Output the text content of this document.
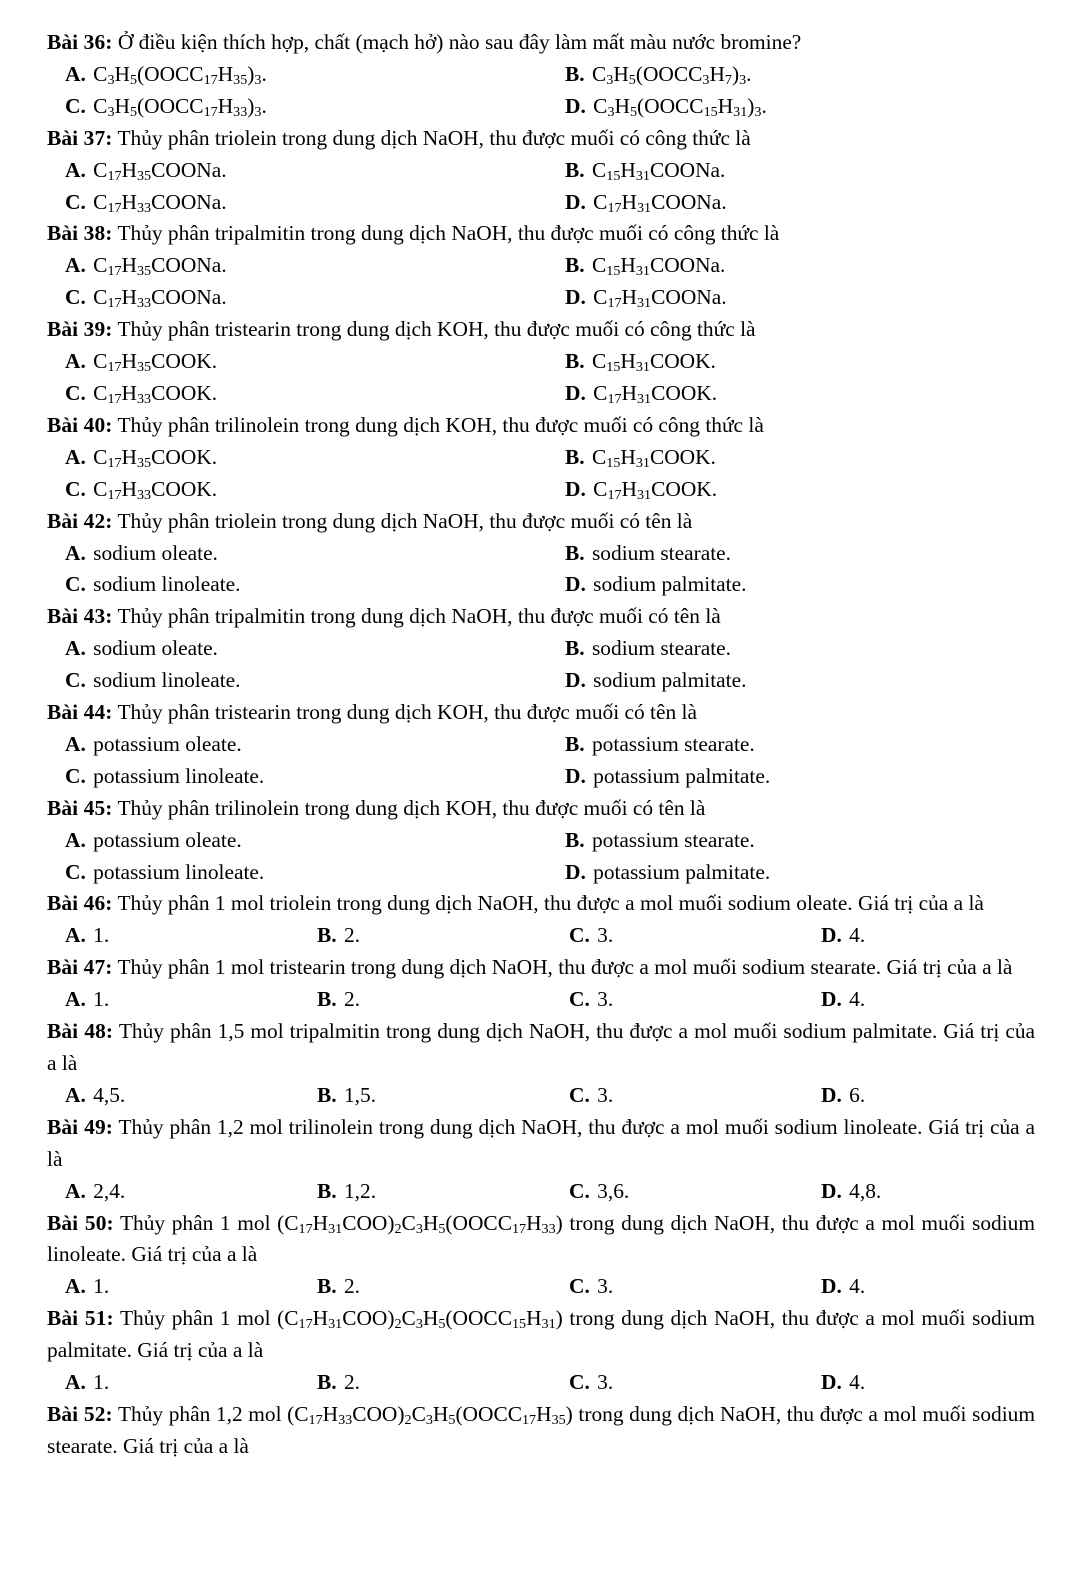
Bài 36: Ở điều kiện thích hợp, chất (mạch hở) nào sau đây làm mất màu nước bromine?

A. $C_3H_5(OOCC_{17}H_{35})_3$.	B. $C_3H_5(OOCC_3H_7)_3$.
C. $C_3H_5(OOCC_{17}H_{33})_3$.	D. $C_3H_5(OOCC_{15}H_{31})_3$.

Bài 37: Thủy phân triolein trong dung dịch NaOH, thu được muối có công thức là

A. $C_{17}H_{35}COONa$.	B. $C_{15}H_{31}COONa$.
C. $C_{17}H_{33}COONa$.	D. $C_{17}H_{31}COONa$.

Bài 38: Thủy phân tripalmitin trong dung dịch NaOH, thu được muối có công thức là

A. $C_{17}H_{35}COONa$.	B. $C_{15}H_{31}COONa$.
C. $C_{17}H_{33}COONa$.	D. $C_{17}H_{31}COONa$.

Bài 39: Thủy phân tristearin trong dung dịch KOH, thu được muối có công thức là

A. $C_{17}H_{35}COOK$.	B. $C_{15}H_{31}COOK$.
C. $C_{17}H_{33}COOK$.	D. $C_{17}H_{31}COOK$.

Bài 40: Thủy phân trilinolein trong dung dịch KOH, thu được muối có công thức là

A. $C_{17}H_{35}COOK$.	B. $C_{15}H_{31}COOK$.
C. $C_{17}H_{33}COOK$.	D. $C_{17}H_{31}COOK$.

Bài 42: Thủy phân triolein trong dung dịch NaOH, thu được muối có tên là

A. sodium oleate.	B. sodium stearate.
C. sodium linoleate.	D. sodium palmitate.

Bài 43: Thủy phân tripalmitin trong dung dịch NaOH, thu được muối có tên là

A. sodium oleate.	B. sodium stearate.
C. sodium linoleate.	D. sodium palmitate.

Bài 44: Thủy phân tristearin trong dung dịch KOH, thu được muối có tên là

A. potassium oleate.	B. potassium stearate.
C. potassium linoleate.	D. potassium palmitate.

Bài 45: Thủy phân trilinolein trong dung dịch KOH, thu được muối có tên là

A. potassium oleate.	B. potassium stearate.
C. potassium linoleate.	D. potassium palmitate.

Bài 46: Thủy phân 1 mol triolein trong dung dịch NaOH, thu được a mol muối sodium oleate. Giá trị của a là

A. 1.	B. 2.	C. 3.	D. 4.

Bài 47: Thủy phân 1 mol tristearin trong dung dịch NaOH, thu được a mol muối sodium stearate. Giá trị của a là

A. 1.	B. 2.	C. 3.	D. 4.

Bài 48: Thủy phân 1,5 mol tripalmitin trong dung dịch NaOH, thu được a mol muối sodium palmitate. Giá trị của a là

A. 4,5.	B. 1,5.	C. 3.	D. 6.

Bài 49: Thủy phân 1,2 mol trilinolein trong dung dịch NaOH, thu được a mol muối sodium linoleate. Giá trị của a là

A. 2,4.	B. 1,2.	C. 3,6.	D. 4,8.

Bài 50: Thủy phân 1 mol $(C_{17}H_{31}COO)_2C_3H_5(OOCC_{17}H_{33})$ trong dung dịch NaOH, thu được a mol muối sodium linoleate. Giá trị của a là

A. 1.	B. 2.	C. 3.	D. 4.

Bài 51: Thủy phân 1 mol $(C_{17}H_{31}COO)_2C_3H_5(OOCC_{15}H_{31})$ trong dung dịch NaOH, thu được a mol muối sodium palmitate. Giá trị của a là

A. 1.	B. 2.	C. 3.	D. 4.

Bài 52: Thủy phân 1,2 mol $(C_{17}H_{33}COO)_2C_3H_5(OOCC_{17}H_{35})$ trong dung dịch NaOH, thu được a mol muối sodium stearate. Giá trị của a là
